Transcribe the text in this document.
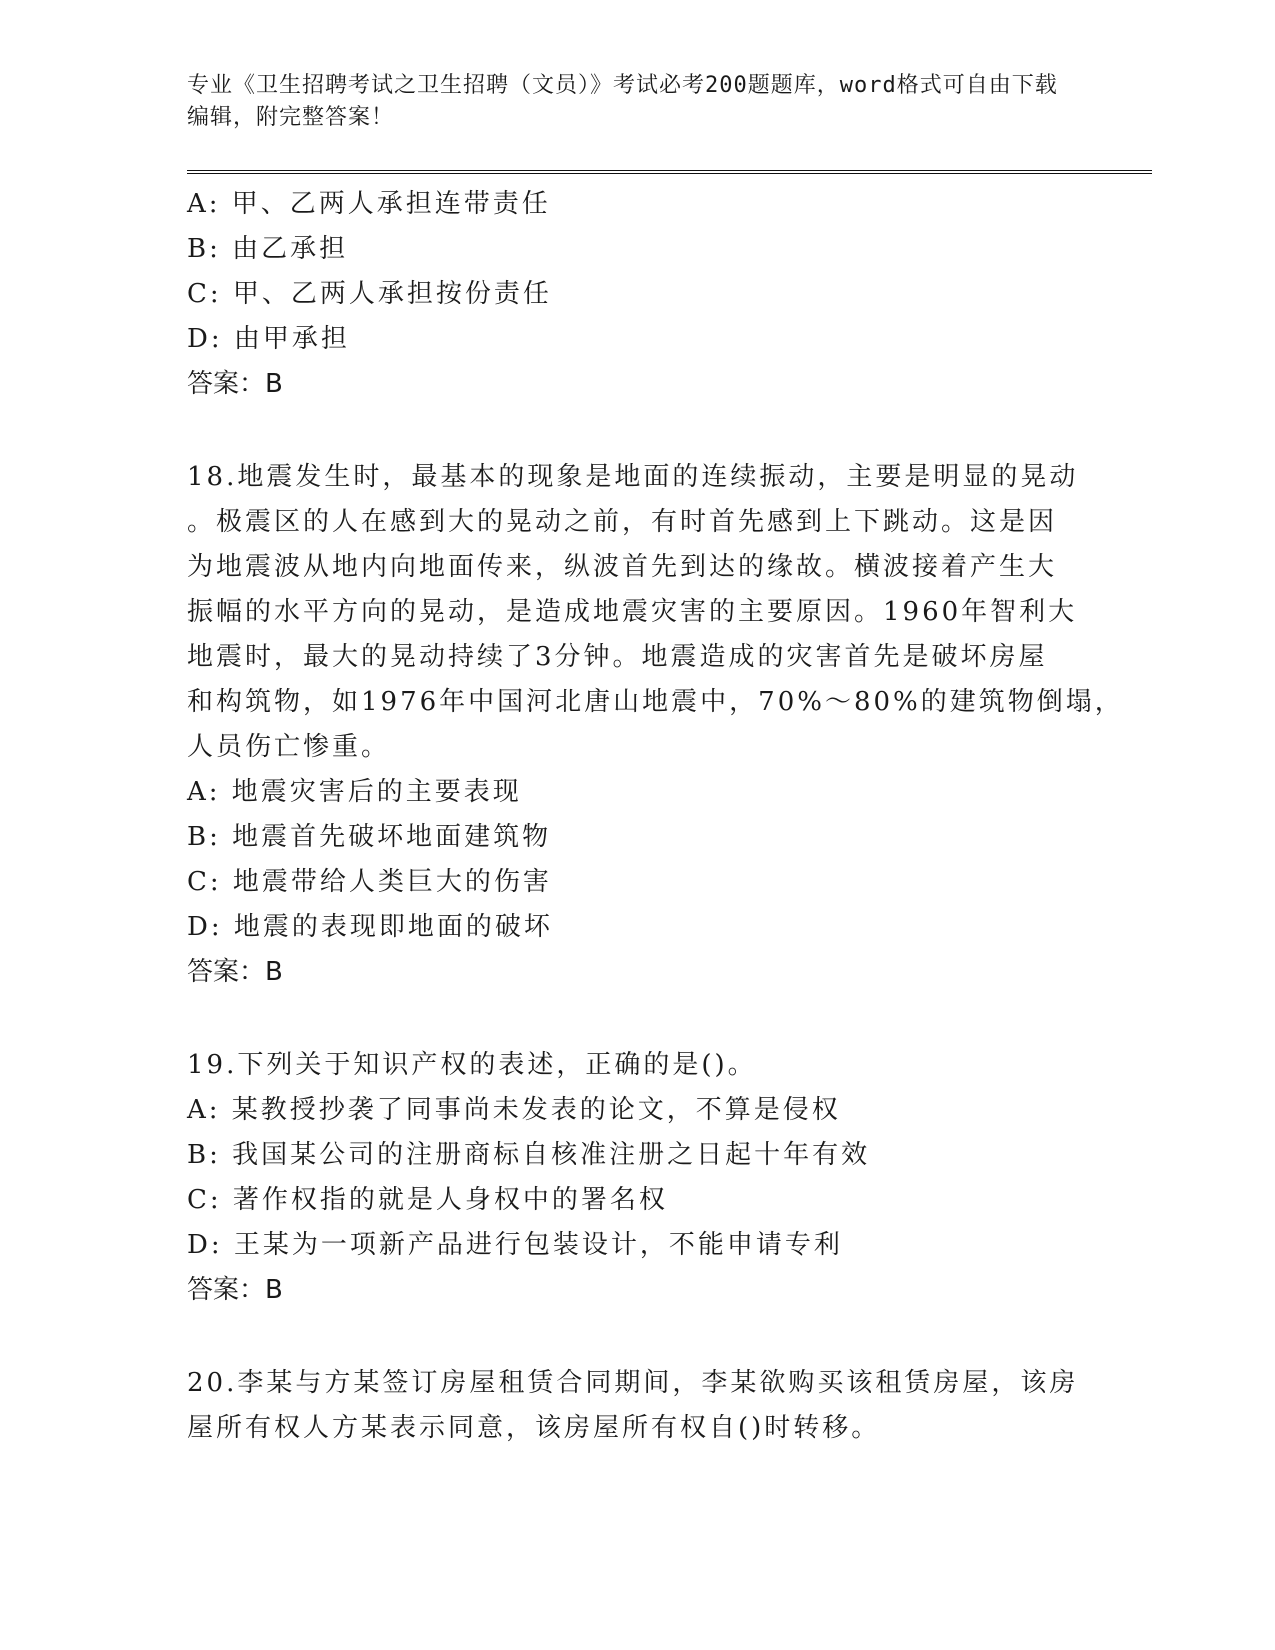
专业《卫生招聘考试之卫生招聘（文员）》考试必考200题题库，word格式可自由下载编辑，附完整答案！

A: 甲、乙两人承担连带责任

B: 由乙承担

C: 甲、乙两人承担按份责任

D: 由甲承担

答案：B

18.地震发生时，最基本的现象是地面的连续振动，主要是明显的晃动

。极震区的人在感到大的晃动之前，有时首先感到上下跳动。这是因

为地震波从地内向地面传来，纵波首先到达的缘故。横波接着产生大

振幅的水平方向的晃动，是造成地震灾害的主要原因。1960年智利大

地震时，最大的晃动持续了3分钟。地震造成的灾害首先是破坏房屋

和构筑物，如1976年中国河北唐山地震中，70%～80%的建筑物倒塌，

人员伤亡惨重。

A: 地震灾害后的主要表现

B: 地震首先破坏地面建筑物

C: 地震带给人类巨大的伤害

D: 地震的表现即地面的破坏

答案：B

19.下列关于知识产权的表述，正确的是()。

A: 某教授抄袭了同事尚未发表的论文，不算是侵权

B: 我国某公司的注册商标自核准注册之日起十年有效

C: 著作权指的就是人身权中的署名权

D: 王某为一项新产品进行包装设计，不能申请专利

答案：B

20.李某与方某签订房屋租赁合同期间，李某欲购买该租赁房屋，该房

屋所有权人方某表示同意，该房屋所有权自()时转移。
